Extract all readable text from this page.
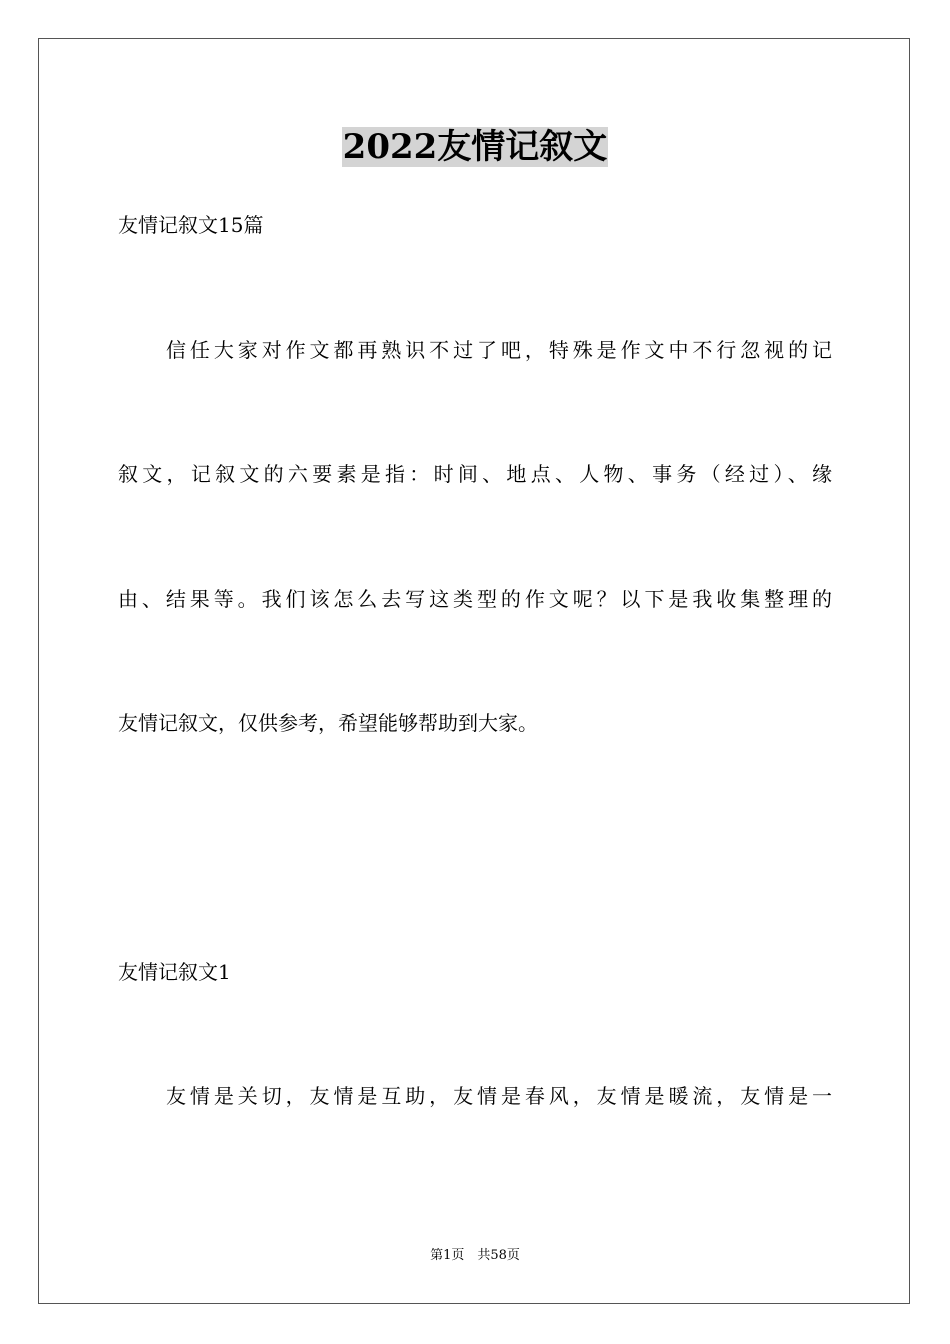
2022友情记叙文

友情记叙文15篇

信任大家对作文都再熟识不过了吧，特殊是作文中不行忽视的记

叙文，记叙文的六要素是指：时间、地点、人物、事务（经过）、缘

由、结果等。我们该怎么去写这类型的作文呢？以下是我收集整理的

友情记叙文，仅供参考，希望能够帮助到大家。

友情记叙文1

友情是关切，友情是互助，友情是春风，友情是暖流，友情是一

第1页　共58页
